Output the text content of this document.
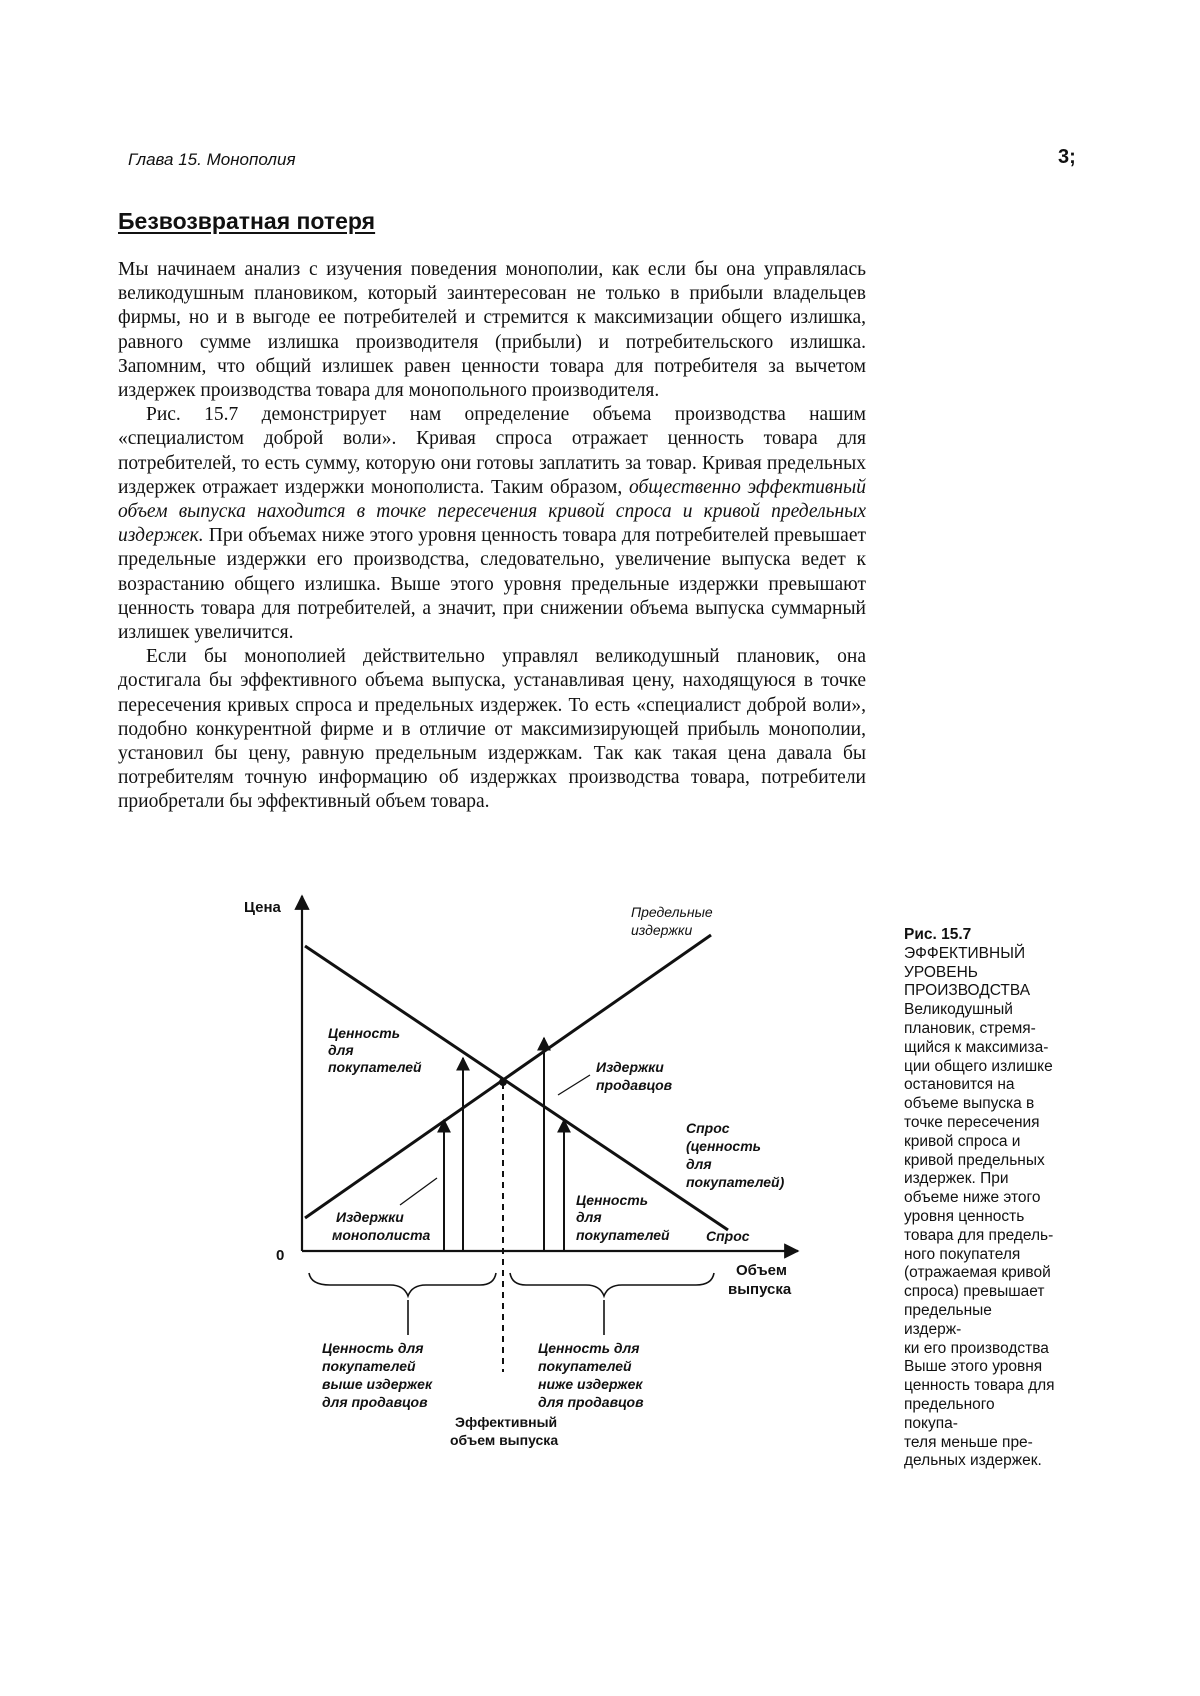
Глава 15. Монополия	3;
Безвозвратная потеря

Мы начинаем анализ с изучения поведения монополии, как если бы она управлялась великодушным плановиком, который заинтересован не только в прибыли владельцев фирмы, но и в выгоде ее потребителей и стремится к максимизации общего излишка, равного сумме излишка производителя (прибыли) и потребительского излишка. Запомним, что общий излишек равен ценности товара для потребителя за вычетом издержек производства товара для монопольного производителя.

Рис. 15.7 демонстрирует нам определение объема производства нашим «специалистом доброй воли». Кривая спроса отражает ценность товара для потребителей, то есть сумму, которую они готовы заплатить за товар. Кривая предельных издержек отражает издержки монополиста. Таким образом, общественно эффективный объем выпуска находится в точке пересечения кривой спроса и кривой предельных издержек. При объемах ниже этого уровня ценность товара для потребителей превышает предельные издержки его производства, следовательно, увеличение выпуска ведет к возрастанию общего излишка. Выше этого уровня предельные издержки превышают ценность товара для потребителей, а значит, при снижении объема выпуска суммарный излишек увеличится.

Если бы монополией действительно управлял великодушный плановик, она достигала бы эффективного объема выпуска, устанавливая цену, находящуюся в точке пересечения кривых спроса и предельных издержек. То есть «специалист доброй воли», подобно конкурентной фирме и в отличие от максимизирующей прибыль монополии, установил бы цену, равную предельным издержкам. Так как такая цена давала бы потребителям точную информацию об издержках производства товара, потребители приобретали бы эффективный объем товара.

Цена
0
Объем
выпуска
Предельные
издержки
Ценность
для
покупателей	Издержки
продавцов
Спрос
(ценность
для
покупателей)
Ценность
для
покупателей	Спрос
Издержки
монополиста
Ценность для
покупателей
выше издержек
для продавцов
Ценность для
покупателей
ниже издержек
для продавцов
Эффективный
объем выпуска
Рис. 15.7
ЭФФЕКТИВНЫЙ
УРОВЕНЬ
ПРОИЗВОДСТВА
Великодушный
плановик, стремя-
щийся к максимиза-
ции общего излишке
остановится на
объеме выпуска в
точке пересечения
кривой спроса и
кривой предельных
издержек. При
объеме ниже этого
уровня ценность
товара для предель-
ного покупателя
(отражаемая кривой
спроса) превышает
предельные
издерж-
ки его производства
Выше этого уровня
ценность товара для
предельного
покупа-
теля меньше пре-
дельных издержек.
